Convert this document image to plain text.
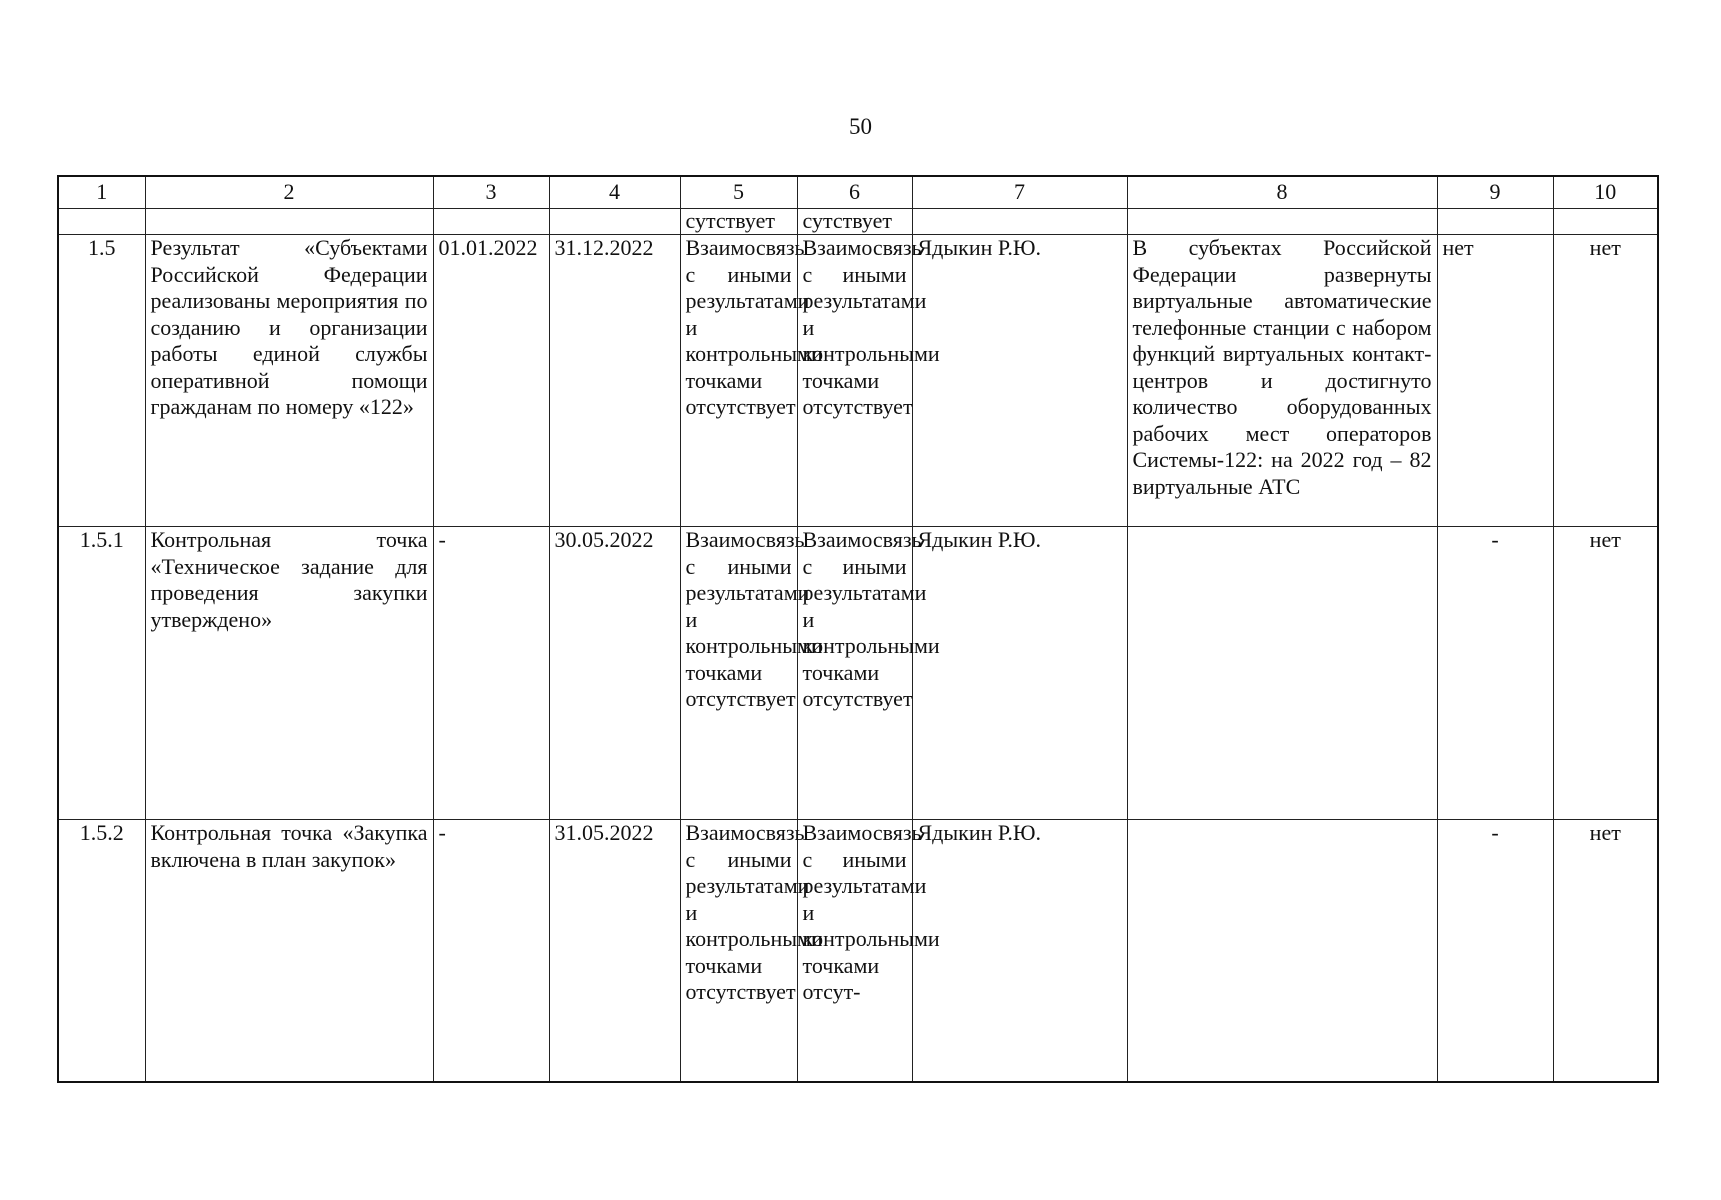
50
1	2	3	4	5	6	7	8	9	10
				сутствует	сутствует				
1.5	Результат «Субъектами Российской Федерации реализованы мероприятия по созданию и организации работы единой службы оперативной помощи гражданам по номеру «122»	01.01.2022	31.12.2022	Взаимосвязь с иными результатами и контрольными точками отсутствует	Взаимосвязь с иными результатами и контрольными точками отсутствует	Ядыкин Р.Ю.	В субъектах Российской Федерации развернуты виртуальные автоматические телефонные станции с набором функций виртуальных контакт-центров и достигнуто количество оборудованных рабочих мест операторов Системы-122: на 2022 год – 82 виртуальные АТС	нет	нет
1.5.1	Контрольная точка «Техническое задание для проведения закупки утверждено»	-	30.05.2022	Взаимосвязь с иными результатами и контрольными точками отсутствует	Взаимосвязь с иными результатами и контрольными точками отсутствует	Ядыкин Р.Ю.		-	нет
1.5.2	Контрольная точка «Закупка включена в план закупок»	-	31.05.2022	Взаимосвязь с иными результатами и контрольными точками отсутствует	Взаимосвязь с иными результатами и контрольными точками отсут-	Ядыкин Р.Ю.		-	нет
